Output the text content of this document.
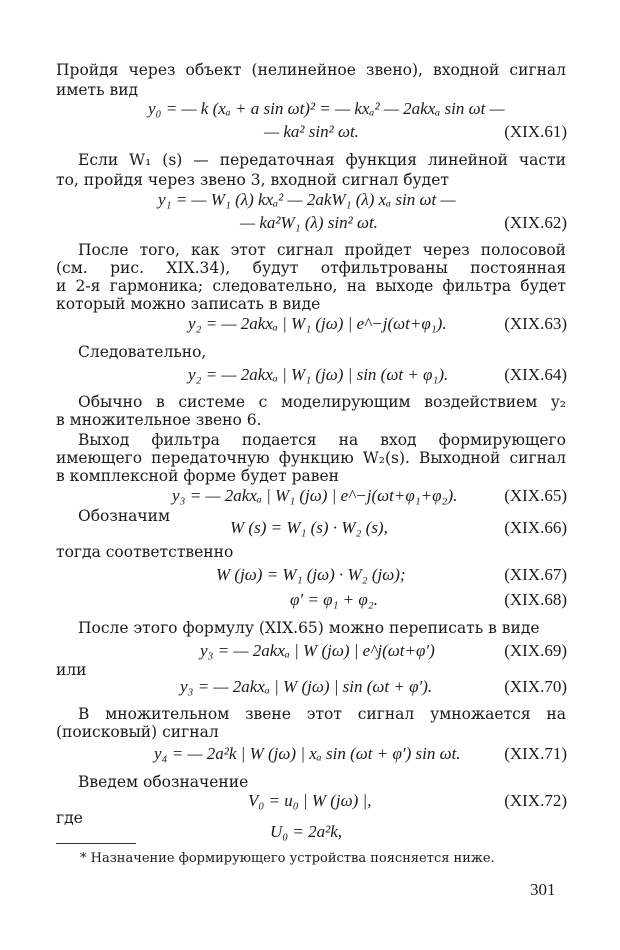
Пройдя через объект (нелинейное звено), входной сигнал
иметь вид
y₀ = — k (xₐ + a sin ωt)² = — kxₐ² — 2akxₐ sin ωt —
— ka² sin² ωt.	(XIX.61)
Если W₁ (s) — передаточная функция линейной части
то, пройдя через звено 3, входной сигнал будет
y₁ = — W₁ (λ) kxₐ² — 2akW₁ (λ) xₐ sin ωt —
— ka²W₁ (λ) sin² ωt.	(XIX.62)
После того, как этот сигнал пройдет через полосовой
(см. рис. XIX.34), будут отфильтрованы постоянная
и 2-я гармоника; следовательно, на выходе фильтра будет
который можно записать в виде
y₂ = — 2akxₐ | W₁ (jω) | e^−j(ωt+φ₁).	(XIX.63)
Следовательно,
y₂ = — 2akxₐ | W₁ (jω) | sin (ωt + φ₁).	(XIX.64)
Обычно в системе с моделирующим воздействием y₂
в множительное звено 6.
Выход фильтра подается на вход формирующего
имеющего передаточную функцию W₂(s). Выходной сигнал
в комплексной форме будет равен
y₃ = — 2akxₐ | W₁ (jω) | e^−j(ωt+φ₁+φ₂).	(XIX.65)
Обозначим
W (s) = W₁ (s) · W₂ (s),	(XIX.66)
тогда соответственно
W (jω) = W₁ (jω) · W₂ (jω);	(XIX.67)
φ′ = φ₁ + φ₂.	(XIX.68)
После этого формулу (XIX.65) можно переписать в виде
y₃ = — 2akxₐ | W (jω) | e^j(ωt+φ′)	(XIX.69)
или
y₃ = — 2akxₐ | W (jω) | sin (ωt + φ′).	(XIX.70)
В множительном звене этот сигнал умножается на
(поисковый) сигнал
y₄ = — 2a²k | W (jω) | xₐ sin (ωt + φ′) sin ωt.	(XIX.71)
Введем обозначение
V₀ = u₀ | W (jω) |,	(XIX.72)
где
U₀ = 2a²k,
* Назначение формирующего устройства поясняется ниже.
301
